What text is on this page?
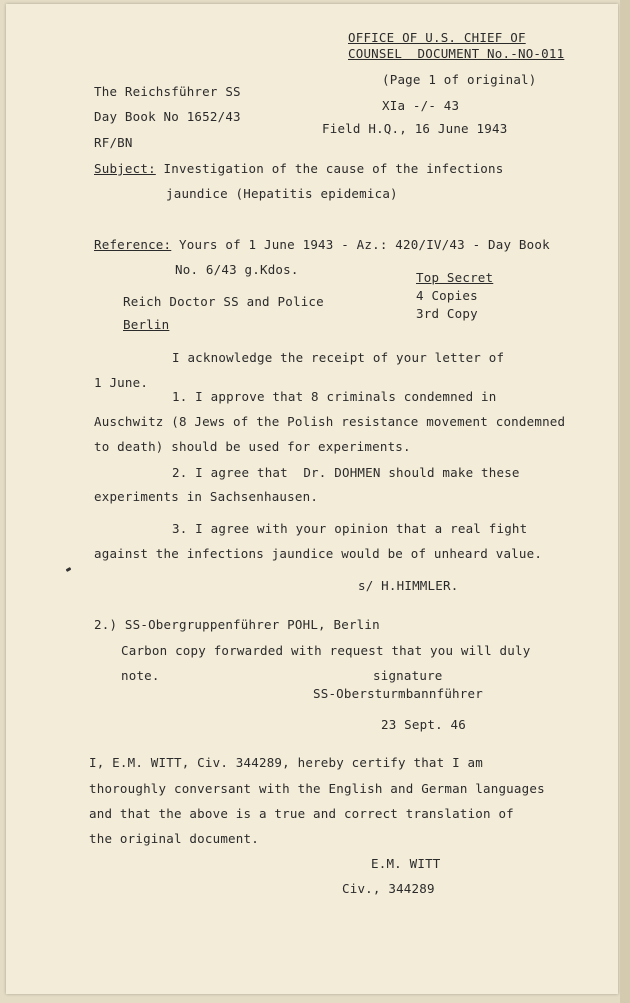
OFFICE OF U.S. CHIEF OF
COUNSEL  DOCUMENT No.-NO-011
(Page 1 of original)
XIa -/- 43
Field H.Q., 16 June 1943
The Reichsführer SS
Day Book No 1652/43
RF/BN
Subject: Investigation of the cause of the infections
jaundice (Hepatitis epidemica)
Reference: Yours of 1 June 1943 - Az.: 420/IV/43 - Day Book
No. 6/43 g.Kdos.
Top Secret
4 Copies
3rd Copy
Reich Doctor SS and Police
Berlin
I acknowledge the receipt of your letter of
1 June.
1. I approve that 8 criminals condemned in
Auschwitz (8 Jews of the Polish resistance movement condemned
to death) should be used for experiments.
2. I agree that  Dr. DOHMEN should make these
experiments in Sachsenhausen.
3. I agree with your opinion that a real fight
against the infections jaundice would be of unheard value.
s/ H.HIMMLER.
2.) SS-Obergruppenführer POHL, Berlin
Carbon copy forwarded with request that you will duly
note.	signature
SS-Obersturmbannführer
23 Sept. 46
I, E.M. WITT, Civ. 344289, hereby certify that I am
thoroughly conversant with the English and German languages
and that the above is a true and correct translation of
the original document.
E.M. WITT
Civ., 344289
